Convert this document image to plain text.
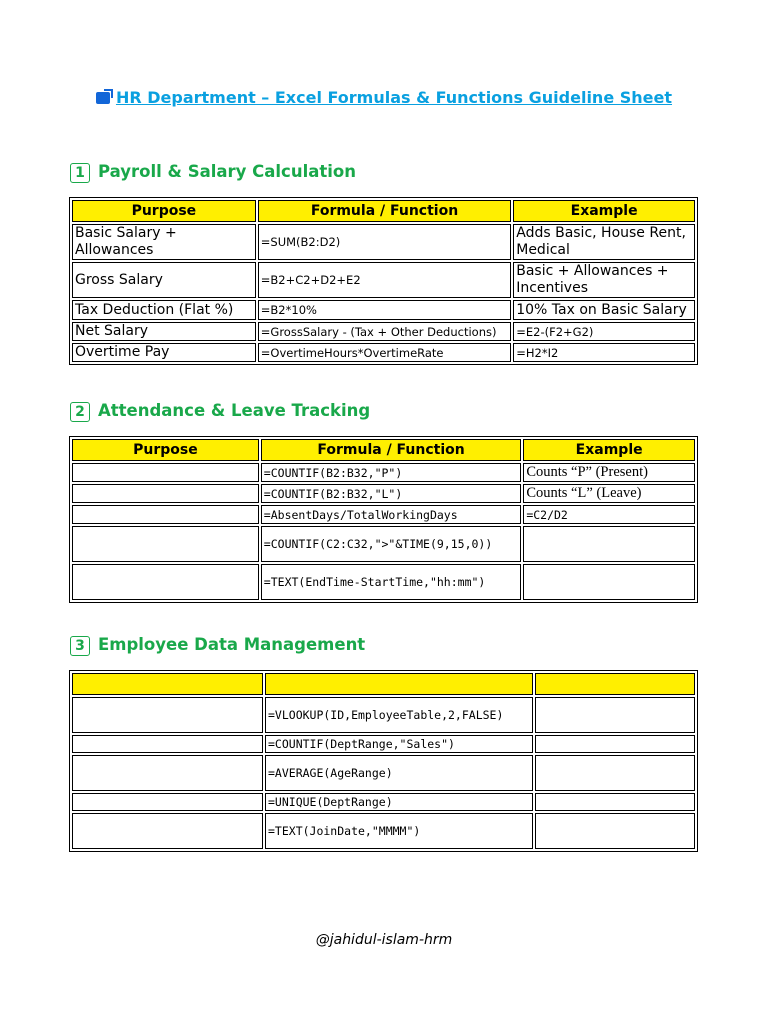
HR Department – Excel Formulas & Functions Guideline Sheet
1 Payroll & Salary Calculation
Purpose	Formula / Function	Example
Basic Salary + Allowances	=SUM(B2:D2)	Adds Basic, House Rent, Medical
Gross Salary	=B2+C2+D2+E2	Basic + Allowances + Incentives
Tax Deduction (Flat %)	=B2*10%	10% Tax on Basic Salary
Net Salary	=GrossSalary - (Tax + Other Deductions)	=E2-(F2+G2)
Overtime Pay	=OvertimeHours*OvertimeRate	=H2*I2
2 Attendance & Leave Tracking
Purpose	Formula / Function	Example
	=COUNTIF(B2:B32,"P")	Counts “P” (Present)
	=COUNTIF(B2:B32,"L")	Counts “L” (Leave)
	=AbsentDays/TotalWorkingDays	=C2/D2
	=COUNTIF(C2:C32,">"&TIME(9,15,0))	
	=TEXT(EndTime-StartTime,"hh:mm")	
3 Employee Data Management

	=VLOOKUP(ID,EmployeeTable,2,FALSE)	
	=COUNTIF(DeptRange,"Sales")	
	=AVERAGE(AgeRange)	
	=UNIQUE(DeptRange)	
	=TEXT(JoinDate,"MMMM")	
@jahidul-islam-hrm
